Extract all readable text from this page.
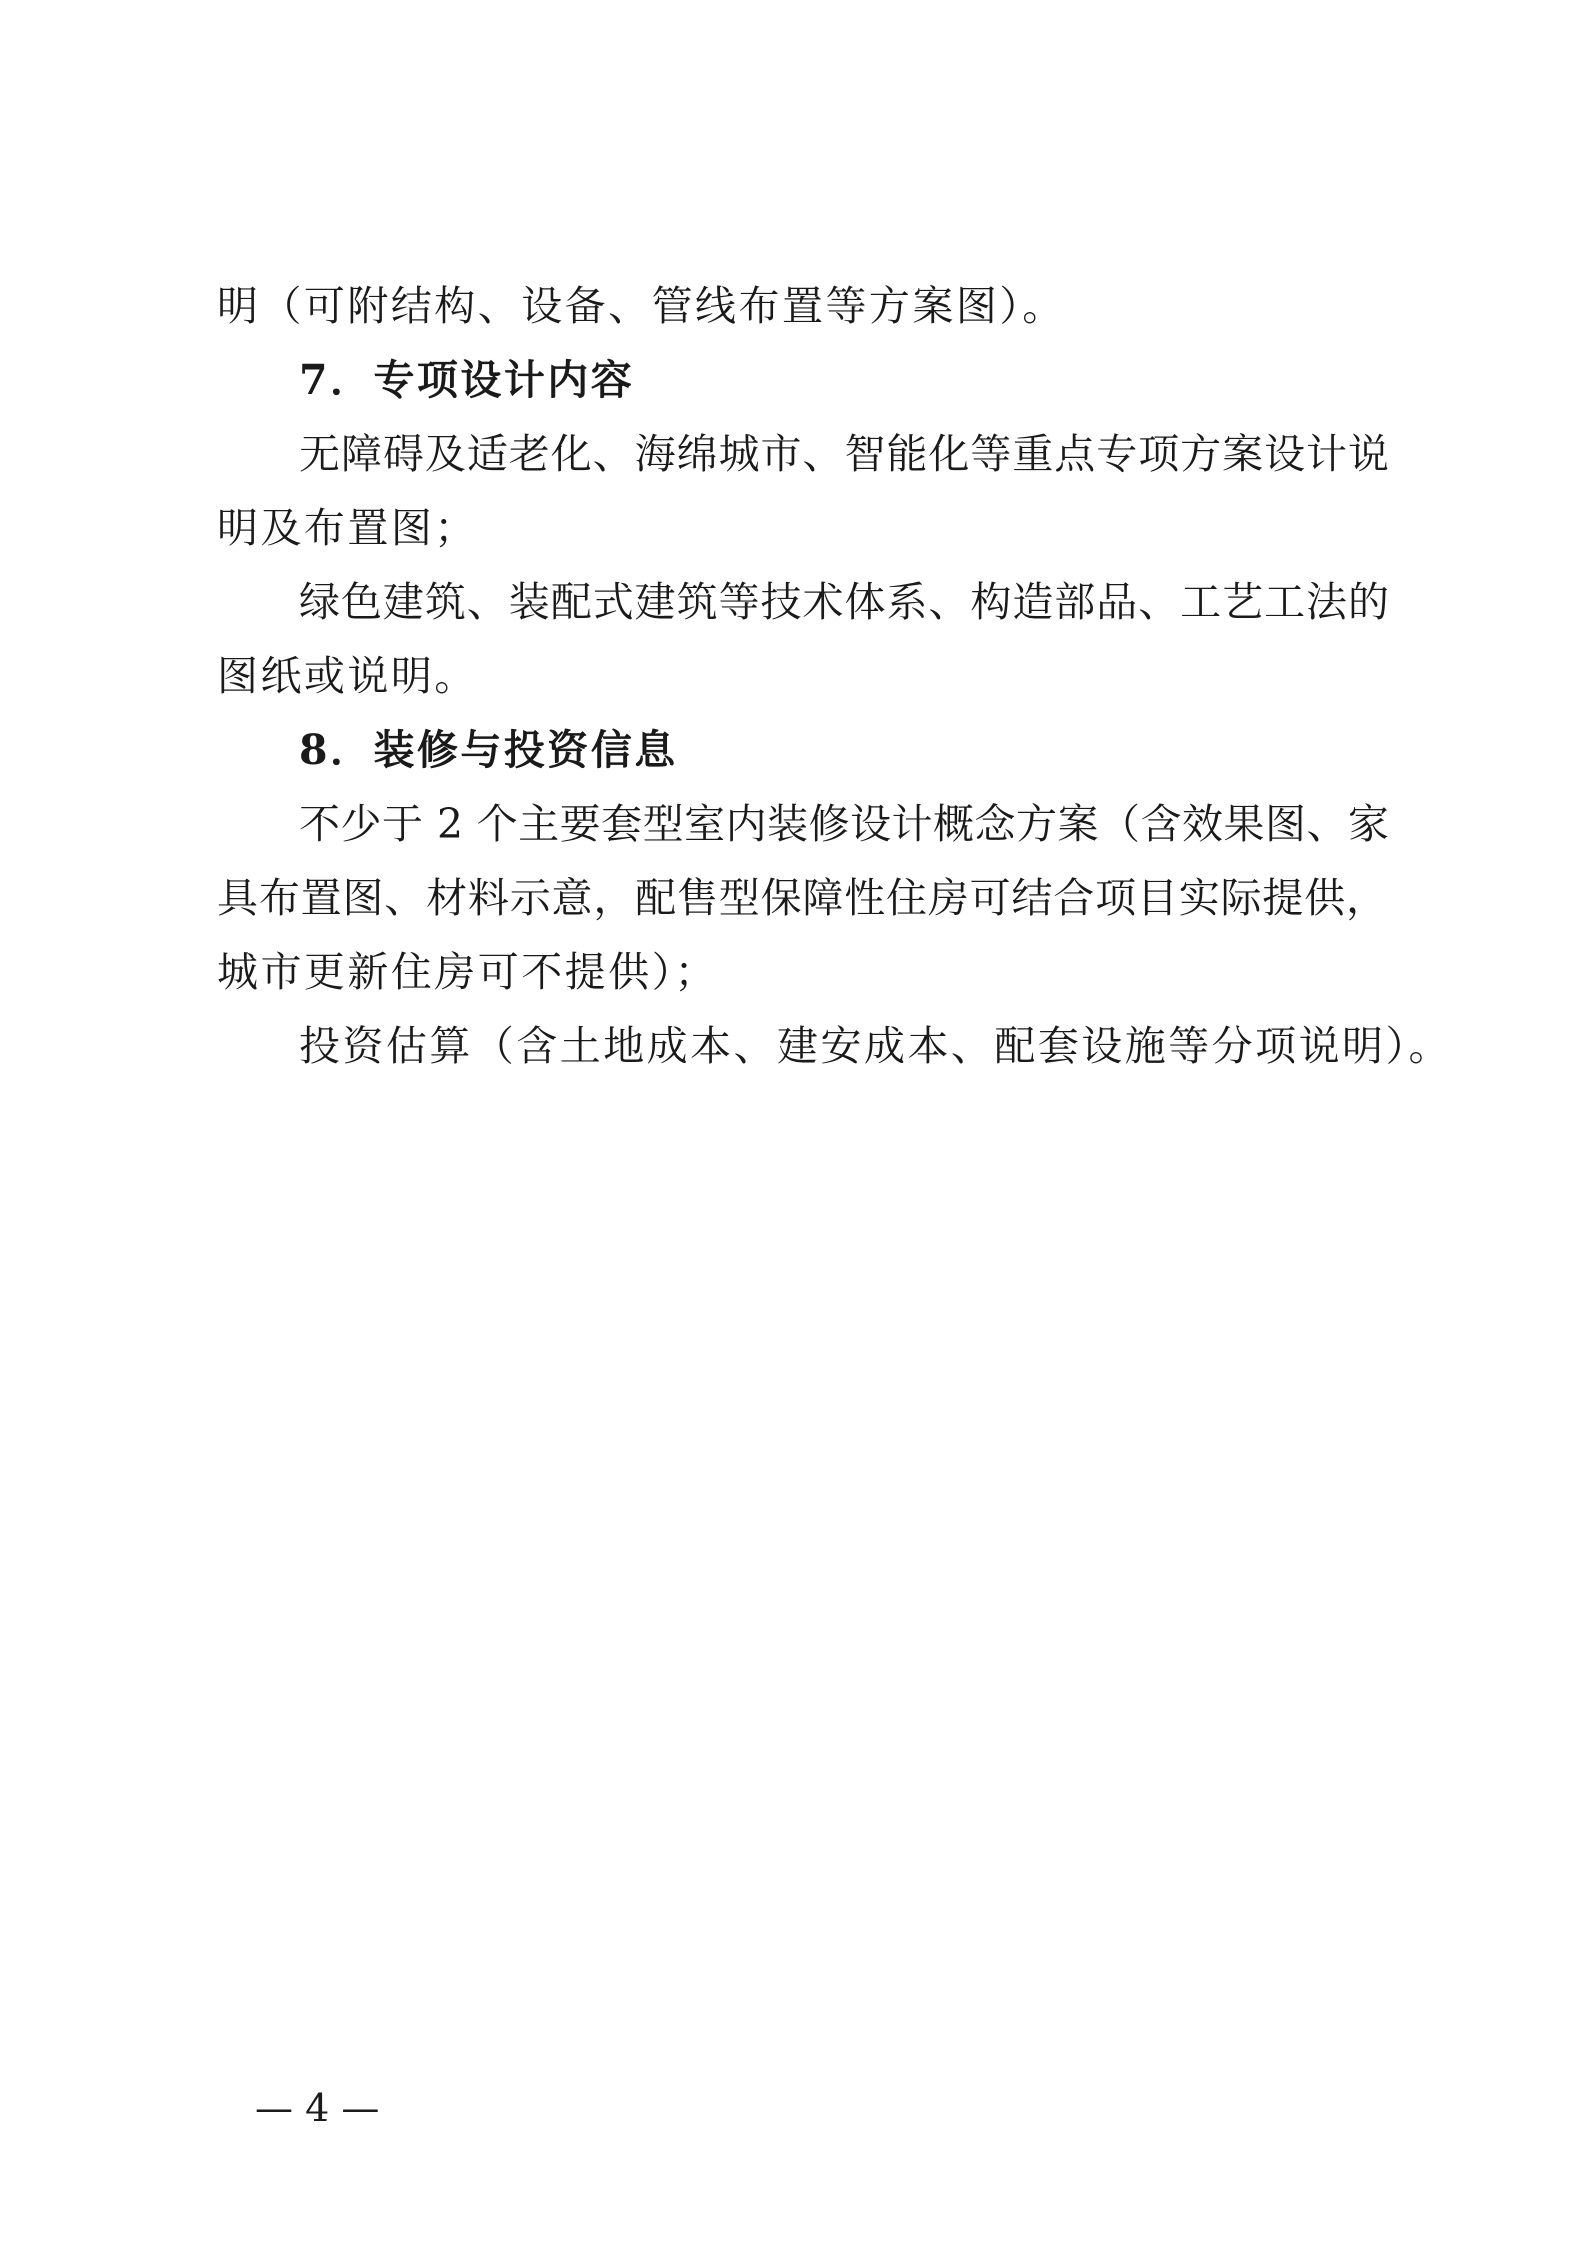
明（可附结构、设备、管线布置等方案图）。
7．专项设计内容
无障碍及适老化、海绵城市、智能化等重点专项方案设计说
明及布置图；
绿色建筑、装配式建筑等技术体系、构造部品、工艺工法的
图纸或说明。
8．装修与投资信息
不少于 2 个主要套型室内装修设计概念方案（含效果图、家
具布置图、材料示意，配售型保障性住房可结合项目实际提供，
城市更新住房可不提供）；
投资估算（含土地成本、建安成本、配套设施等分项说明）。
— 4 —
